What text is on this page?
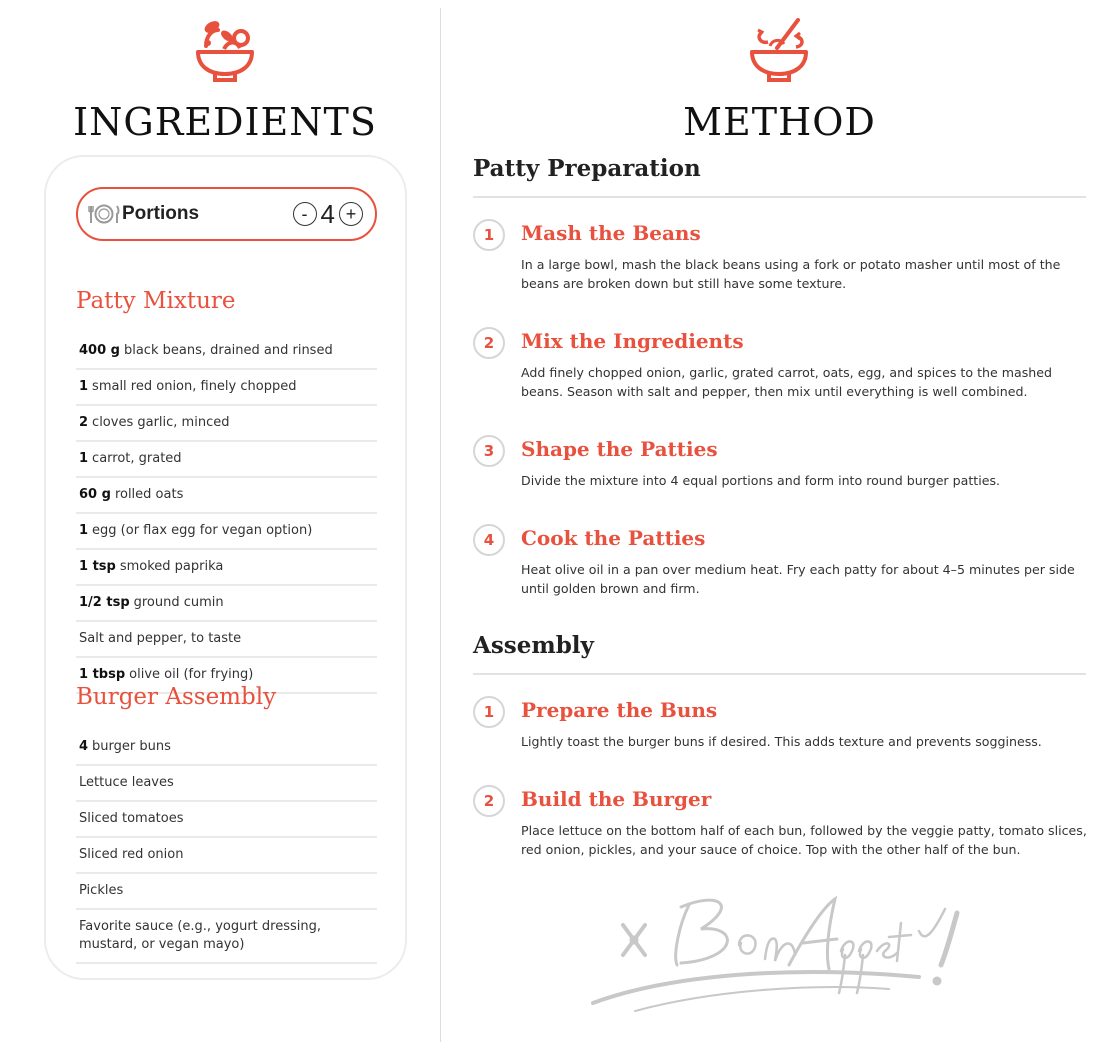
INGREDIENTS
Portions	- 4 +
Patty Mixture
400 g black beans, drained and rinsed
1 small red onion, finely chopped
2 cloves garlic, minced
1 carrot, grated
60 g rolled oats
1 egg (or flax egg for vegan option)
1 tsp smoked paprika
1/2 tsp ground cumin
Salt and pepper, to taste
1 tbsp olive oil (for frying)
Burger Assembly
4 burger buns
Lettuce leaves
Sliced tomatoes
Sliced red onion
Pickles
Favorite sauce (e.g., yogurt dressing, mustard, or vegan mayo)
METHOD
Patty Preparation
1	Mash the Beans
In a large bowl, mash the black beans using a fork or potato masher until most of the beans are broken down but still have some texture.
2	Mix the Ingredients
Add finely chopped onion, garlic, grated carrot, oats, egg, and spices to the mashed beans. Season with salt and pepper, then mix until everything is well combined.
3	Shape the Patties
Divide the mixture into 4 equal portions and form into round burger patties.
4	Cook the Patties
Heat olive oil in a pan over medium heat. Fry each patty for about 4–5 minutes per side until golden brown and firm.
Assembly
1	Prepare the Buns
Lightly toast the burger buns if desired. This adds texture and prevents sogginess.
2	Build the Burger
Place lettuce on the bottom half of each bun, followed by the veggie patty, tomato slices, red onion, pickles, and your sauce of choice. Top with the other half of the bun.
